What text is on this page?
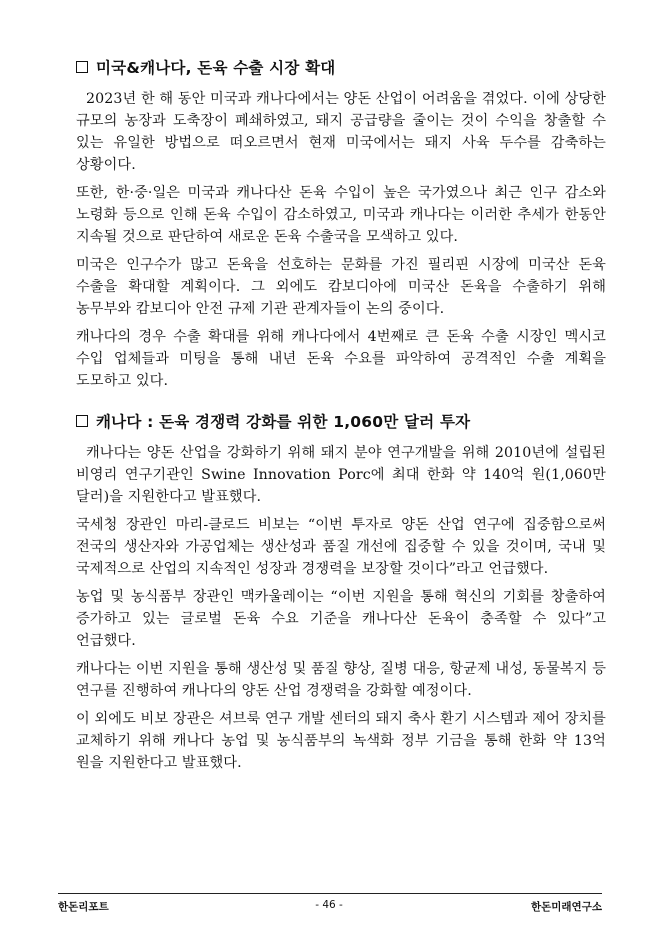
미국&캐나다, 돈육 수출 시장 확대

2023년 한 해 동안 미국과 캐나다에서는 양돈 산업이 어려움을 겪었다. 이에 상당한 규모의 농장과 도축장이 폐쇄하였고, 돼지 공급량을 줄이는 것이 수익을 창출할 수 있는 유일한 방법으로 떠오르면서 현재 미국에서는 돼지 사육 두수를 감축하는 상황이다.

또한, 한·중·일은 미국과 캐나다산 돈육 수입이 높은 국가였으나 최근 인구 감소와 노령화 등으로 인해 돈육 수입이 감소하였고, 미국과 캐나다는 이러한 추세가 한동안 지속될 것으로 판단하여 새로운 돈육 수출국을 모색하고 있다.

미국은 인구수가 많고 돈육을 선호하는 문화를 가진 필리핀 시장에 미국산 돈육 수출을 확대할 계획이다. 그 외에도 캄보디아에 미국산 돈육을 수출하기 위해 농무부와 캄보디아 안전 규제 기관 관계자들이 논의 중이다.

캐나다의 경우 수출 확대를 위해 캐나다에서 4번째로 큰 돈육 수출 시장인 멕시코 수입 업체들과 미팅을 통해 내년 돈육 수요를 파악하여 공격적인 수출 계획을 도모하고 있다.

캐나다 : 돈육 경쟁력 강화를 위한 1,060만 달러 투자

캐나다는 양돈 산업을 강화하기 위해 돼지 분야 연구개발을 위해 2010년에 설립된 비영리 연구기관인 Swine Innovation Porc에 최대 한화 약 140억 원(1,060만 달러)을 지원한다고 발표했다.

국세청 장관인 마리-클로드 비보는 “이번 투자로 양돈 산업 연구에 집중함으로써 전국의 생산자와 가공업체는 생산성과 품질 개선에 집중할 수 있을 것이며, 국내 및 국제적으로 산업의 지속적인 성장과 경쟁력을 보장할 것이다”라고 언급했다.

농업 및 농식품부 장관인 맥카울레이는 “이번 지원을 통해 혁신의 기회를 창출하여 증가하고 있는 글로벌 돈육 수요 기준을 캐나다산 돈육이 충족할 수 있다”고 언급했다.

캐나다는 이번 지원을 통해 생산성 및 품질 향상, 질병 대응, 항균제 내성, 동물복지 등 연구를 진행하여 캐나다의 양돈 산업 경쟁력을 강화할 예정이다.

이 외에도 비보 장관은 셔브룩 연구 개발 센터의 돼지 축사 환기 시스템과 제어 장치를 교체하기 위해 캐나다 농업 및 농식품부의 녹색화 정부 기금을 통해 한화 약 13억 원을 지원한다고 발표했다.

한돈리포트	- 46 -	한돈미래연구소
